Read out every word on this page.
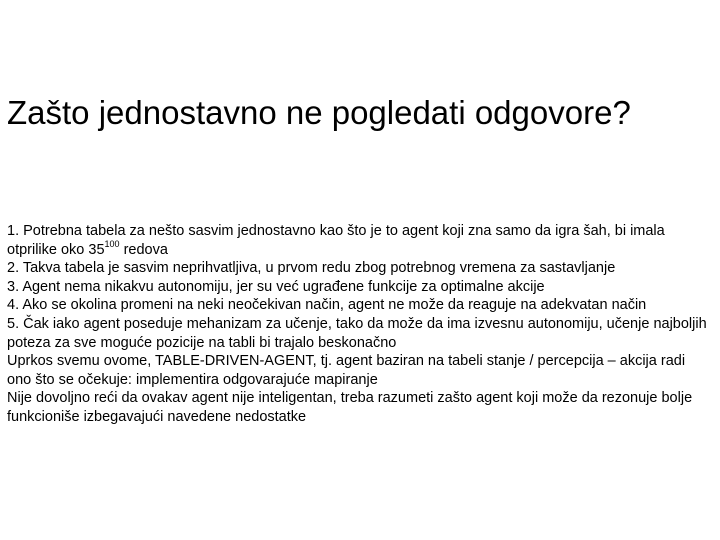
Zašto jednostavno ne pogledati odgovore?

1. Potrebna tabela za nešto sasvim jednostavno kao što je to agent koji zna samo da igra šah, bi imala otprilike oko $35^{100}$ redova

2. Takva tabela je sasvim neprihvatljiva, u prvom redu zbog potrebnog vremena za sastavljanje

3. Agent nema nikakvu autonomiju, jer su već ugrađene funkcije za optimalne akcije

4. Ako se okolina promeni na neki neočekivan način, agent ne može da reaguje na adekvatan način

5. Čak iako agent poseduje mehanizam za učenje, tako da može da ima izvesnu autonomiju, učenje najboljih poteza za sve moguće pozicije na tabli bi trajalo beskonačno

Uprkos svemu ovome, TABLE-DRIVEN-AGENT, tj. agent baziran na tabeli stanje / percepcija – akcija radi ono što se očekuje: implementira odgovarajuće mapiranje

Nije dovoljno reći da ovakav agent nije inteligentan, treba razumeti zašto agent koji može da rezonuje bolje funkcioniše izbegavajući navedene nedostatke
